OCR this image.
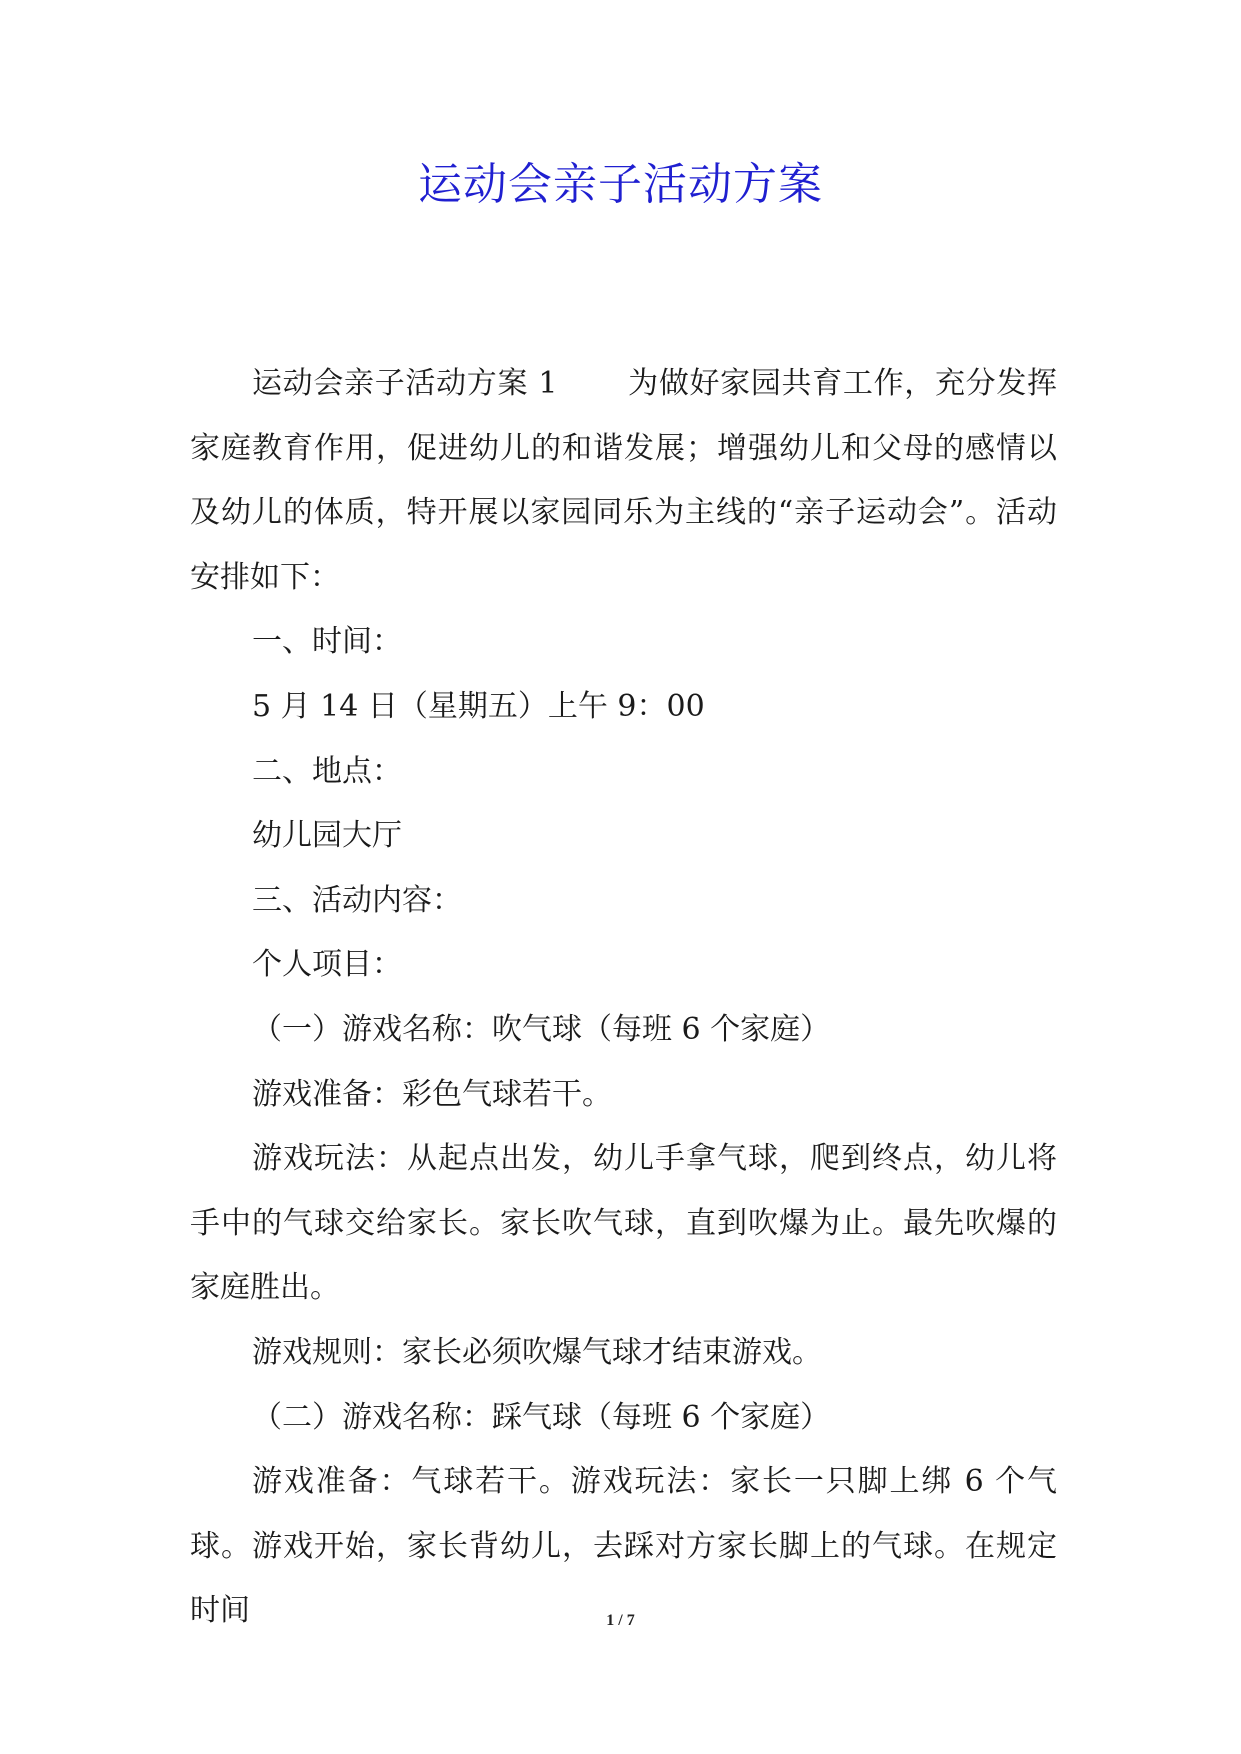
运动会亲子活动方案

运动会亲子活动方案 1 为做好家园共育工作，充分发挥家庭教育作用，促进幼儿的和谐发展；增强幼儿和父母的感情以及幼儿的体质，特开展以家园同乐为主线的“亲子运动会”。活动安排如下：

一、时间：

5 月 14 日（星期五）上午 9：00

二、地点：

幼儿园大厅

三、活动内容：

个人项目：

（一）游戏名称：吹气球（每班 6 个家庭）

游戏准备：彩色气球若干。

游戏玩法：从起点出发，幼儿手拿气球，爬到终点，幼儿将手中的气球交给家长。家长吹气球，直到吹爆为止。最先吹爆的家庭胜出。

游戏规则：家长必须吹爆气球才结束游戏。

（二）游戏名称：踩气球（每班 6 个家庭）

游戏准备：气球若干。游戏玩法：家长一只脚上绑 6 个气球。游戏开始，家长背幼儿，去踩对方家长脚上的气球。在规定时间	1 / 7
